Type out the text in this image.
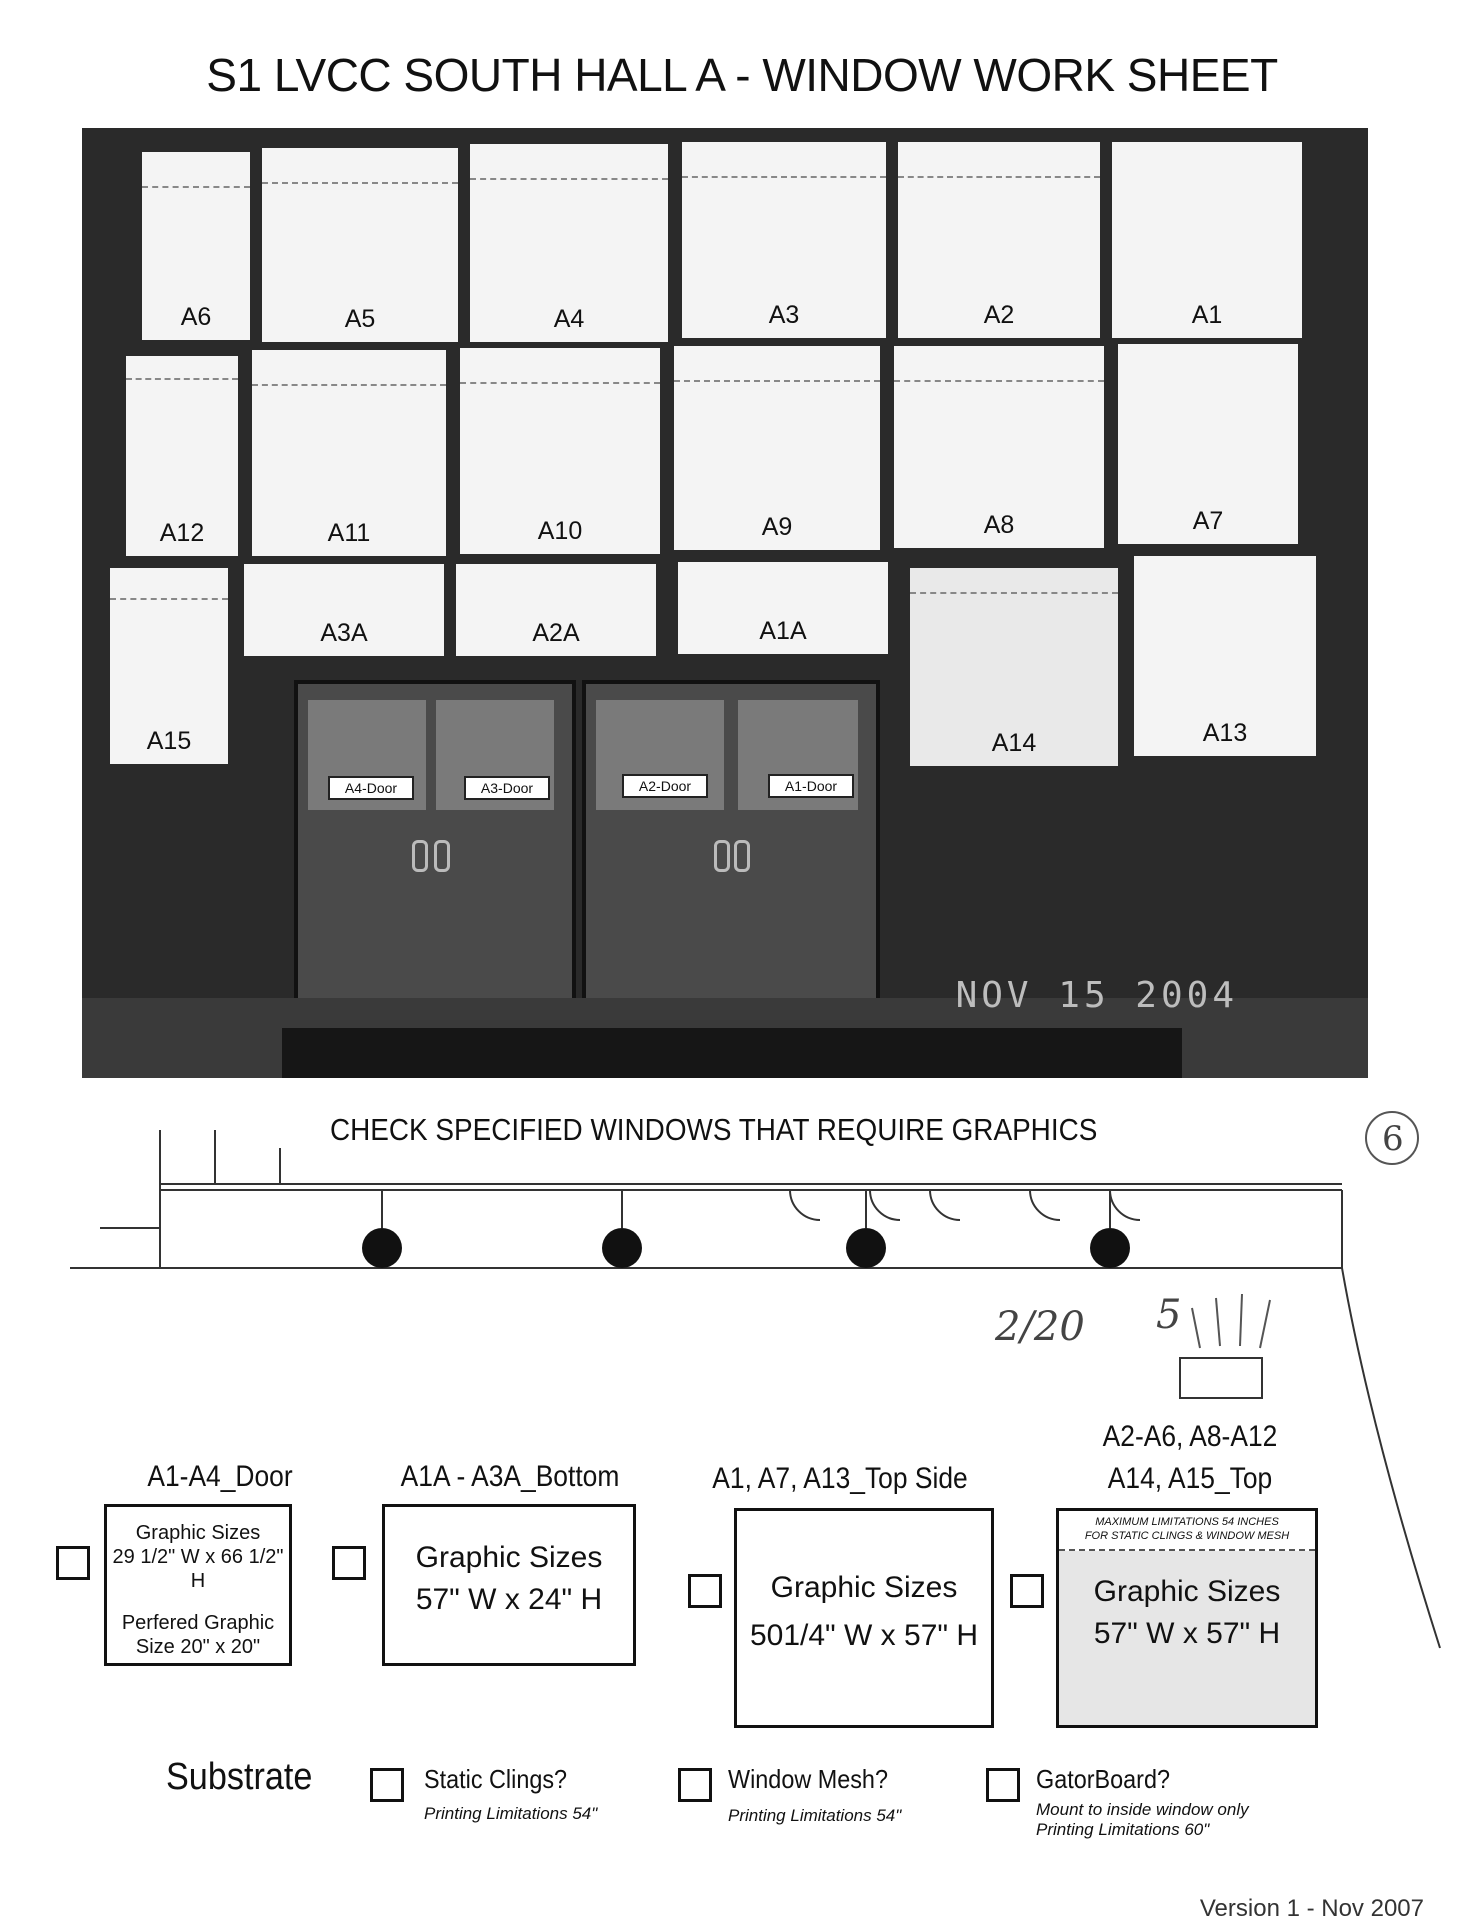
S1 LVCC SOUTH HALL A - WINDOW WORK SHEET
A6	A5	A4	A3	A2	A1
A12	A11	A10	A9	A8	A7
A15
A3A	A2A	A1A
A14	A13
A4-Door	A3-Door	A2-Door	A1-Door
NOV 15 2004
6
2/20 5
CHECK SPECIFIED WINDOWS THAT REQUIRE GRAPHICS
A1-A4_Door
Graphic Sizes
29 1/2" W x 66 1/2" H
Perfered Graphic
Size 20" x 20"
A1A - A3A_Bottom
Graphic Sizes
57" W x 24" H
A1, A7, A13_Top Side
Graphic Sizes
501/4" W x 57" H
A2-A6, A8-A12
A14, A15_Top
MAXIMUM LIMITATIONS 54 INCHES
FOR STATIC CLINGS & WINDOW MESH
Graphic Sizes
57" W x 57" H
Substrate	Static Clings?
Printing Limitations 54"
Window Mesh?
Printing Limitations 54"
GatorBoard?
Mount to inside window only
Printing Limitations 60"
Version 1 - Nov 2007
